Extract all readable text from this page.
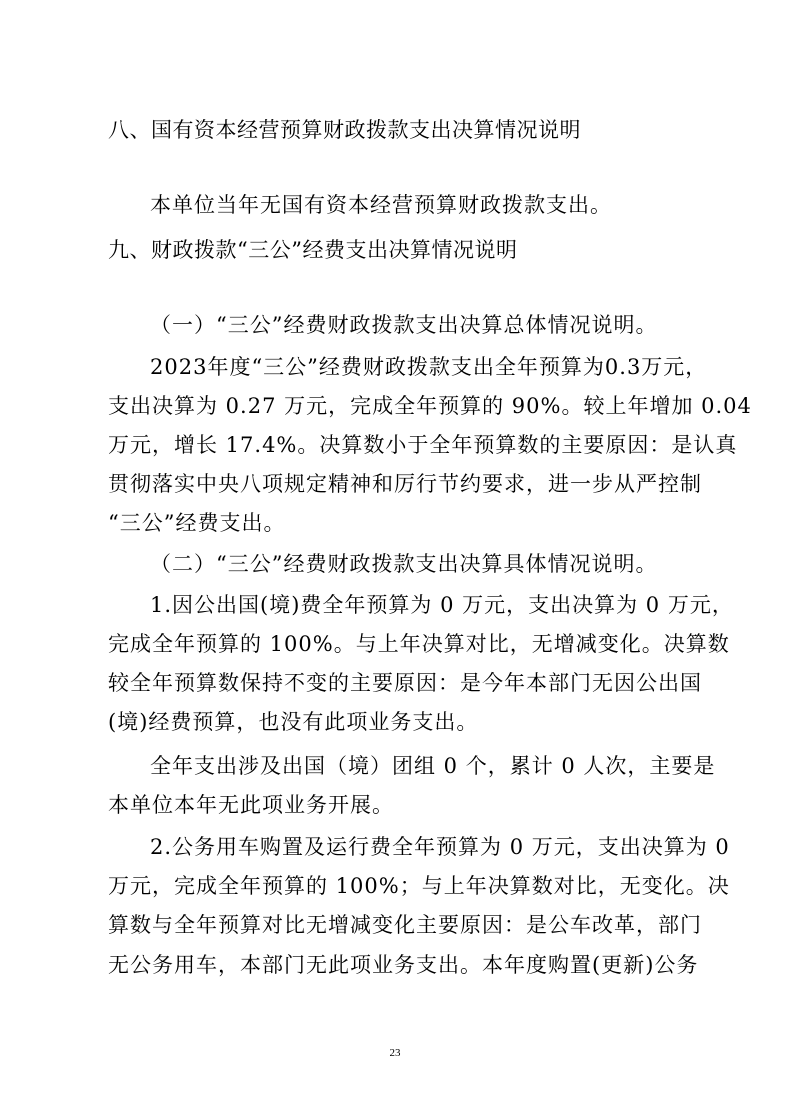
八、国有资本经营预算财政拨款支出决算情况说明
本单位当年无国有资本经营预算财政拨款支出。
九、财政拨款“三公”经费支出决算情况说明
（一）“三公”经费财政拨款支出决算总体情况说明。
2023年度“三公”经费财政拨款支出全年预算为0.3万元，
支出决算为 0.27 万元，完成全年预算的 90%。较上年增加 0.04
万元，增长 17.4%。决算数小于全年预算数的主要原因：是认真
贯彻落实中央八项规定精神和厉行节约要求，进一步从严控制
“三公”经费支出。
（二）“三公”经费财政拨款支出决算具体情况说明。
1.因公出国(境)费全年预算为 0 万元，支出决算为 0 万元，
完成全年预算的 100%。与上年决算对比，无增减变化。决算数
较全年预算数保持不变的主要原因：是今年本部门无因公出国
(境)经费预算，也没有此项业务支出。
全年支出涉及出国（境）团组 0 个，累计 0 人次，主要是
本单位本年无此项业务开展。
2.公务用车购置及运行费全年预算为 0 万元，支出决算为 0
万元，完成全年预算的 100%；与上年决算数对比，无变化。决
算数与全年预算对比无增减变化主要原因：是公车改革，部门
无公务用车，本部门无此项业务支出。本年度购置(更新)公务
23
